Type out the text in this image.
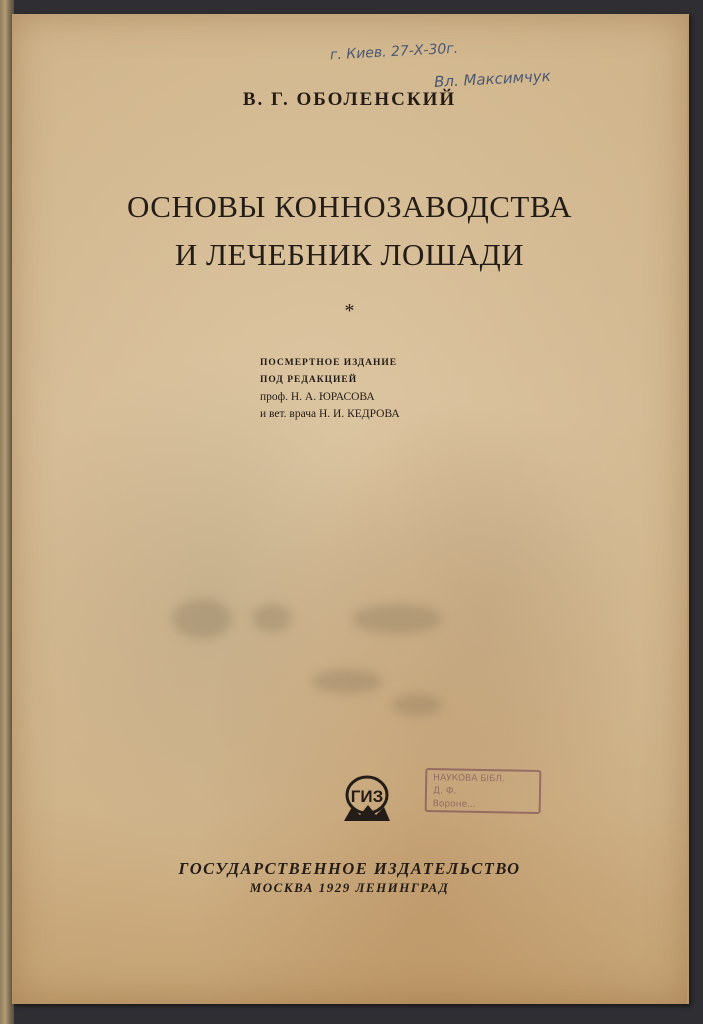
г. Киев. 27-Х-30г.
Вл. Максимчук
В. Г. ОБОЛЕНСКИЙ
ОСНОВЫ КОННОЗАВОДСТВА
И ЛЕЧЕБНИК ЛОШАДИ
*
ПОСМЕРТНОЕ ИЗДАНИЕ
ПОД РЕДАКЦИЕЙ
проф. Н. А. ЮРАСОВА
и вет. врача Н. И. КЕДРОВА
ГИЗ
НАУКОВА БІБЛ.
Д. Ф.
Вороне...
ГОСУДАРСТВЕННОЕ ИЗДАТЕЛЬСТВО
МОСКВА 1929 ЛЕНИНГРАД
